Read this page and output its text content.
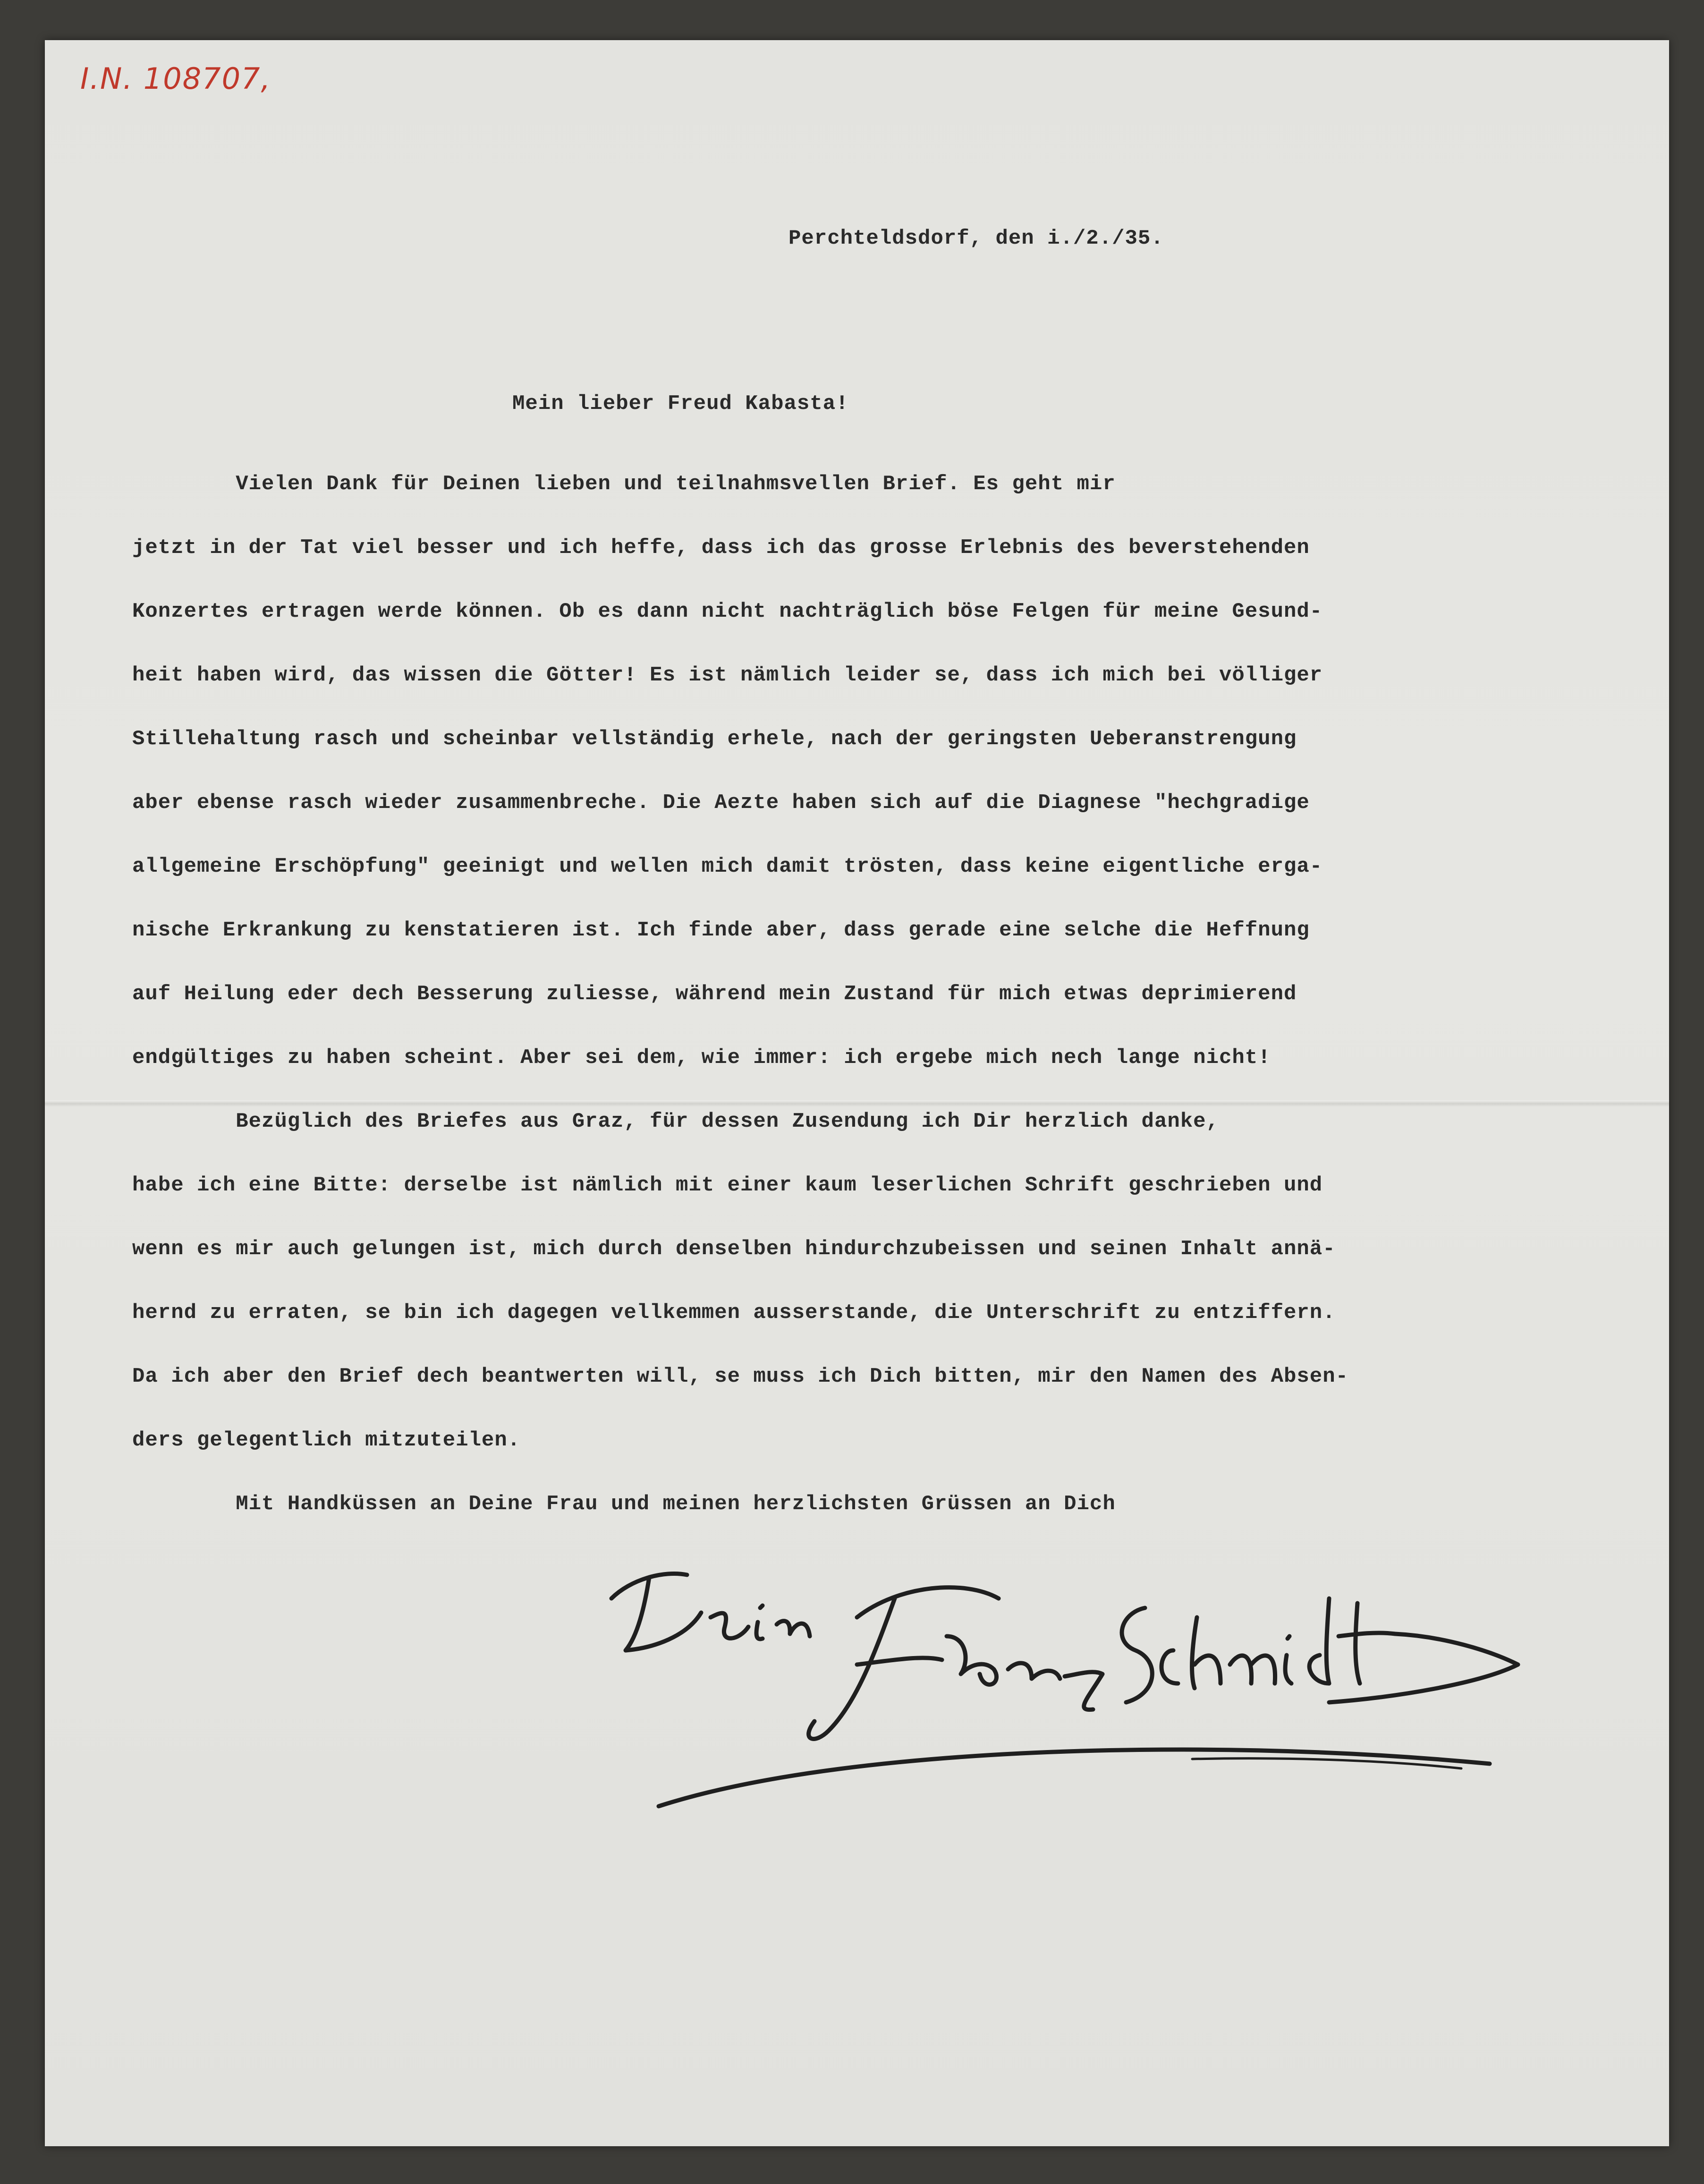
I.N. 108707,
Perchteldsdorf, den i./2./35.
Mein lieber Freud Kabasta!
Vielen Dank für Deinen lieben und teilnahmsvellen Brief. Es geht mir
jetzt in der Tat viel besser und ich heffe, dass ich das grosse Erlebnis des beverstehenden
Konzertes ertragen werde können. Ob es dann nicht nachträglich böse Felgen für meine Gesund-
heit haben wird, das wissen die Götter! Es ist nämlich leider se, dass ich mich bei völliger
Stillehaltung rasch und scheinbar vellständig erhele, nach der geringsten Ueberanstrengung
aber ebense rasch wieder zusammenbreche. Die Aezte haben sich auf die Diagnese "hechgradige
allgemeine Erschöpfung" geeinigt und wellen mich damit trösten, dass keine eigentliche erga-
nische Erkrankung zu kenstatieren ist. Ich finde aber, dass gerade eine selche die Heffnung
auf Heilung eder dech Besserung zuliesse, während mein Zustand für mich etwas deprimierend
endgültiges zu haben scheint. Aber sei dem, wie immer: ich ergebe mich nech lange nicht!
Bezüglich des Briefes aus Graz, für dessen Zusendung ich Dir herzlich danke,
habe ich eine Bitte: derselbe ist nämlich mit einer kaum leserlichen Schrift geschrieben und
wenn es mir auch gelungen ist, mich durch denselben hindurchzubeissen und seinen Inhalt annä-
hernd zu erraten, se bin ich dagegen vellkemmen ausserstande, die Unterschrift zu entziffern.
Da ich aber den Brief dech beantwerten will, se muss ich Dich bitten, mir den Namen des Absen-
ders gelegentlich mitzuteilen.
Mit Handküssen an Deine Frau und meinen herzlichsten Grüssen an Dich
